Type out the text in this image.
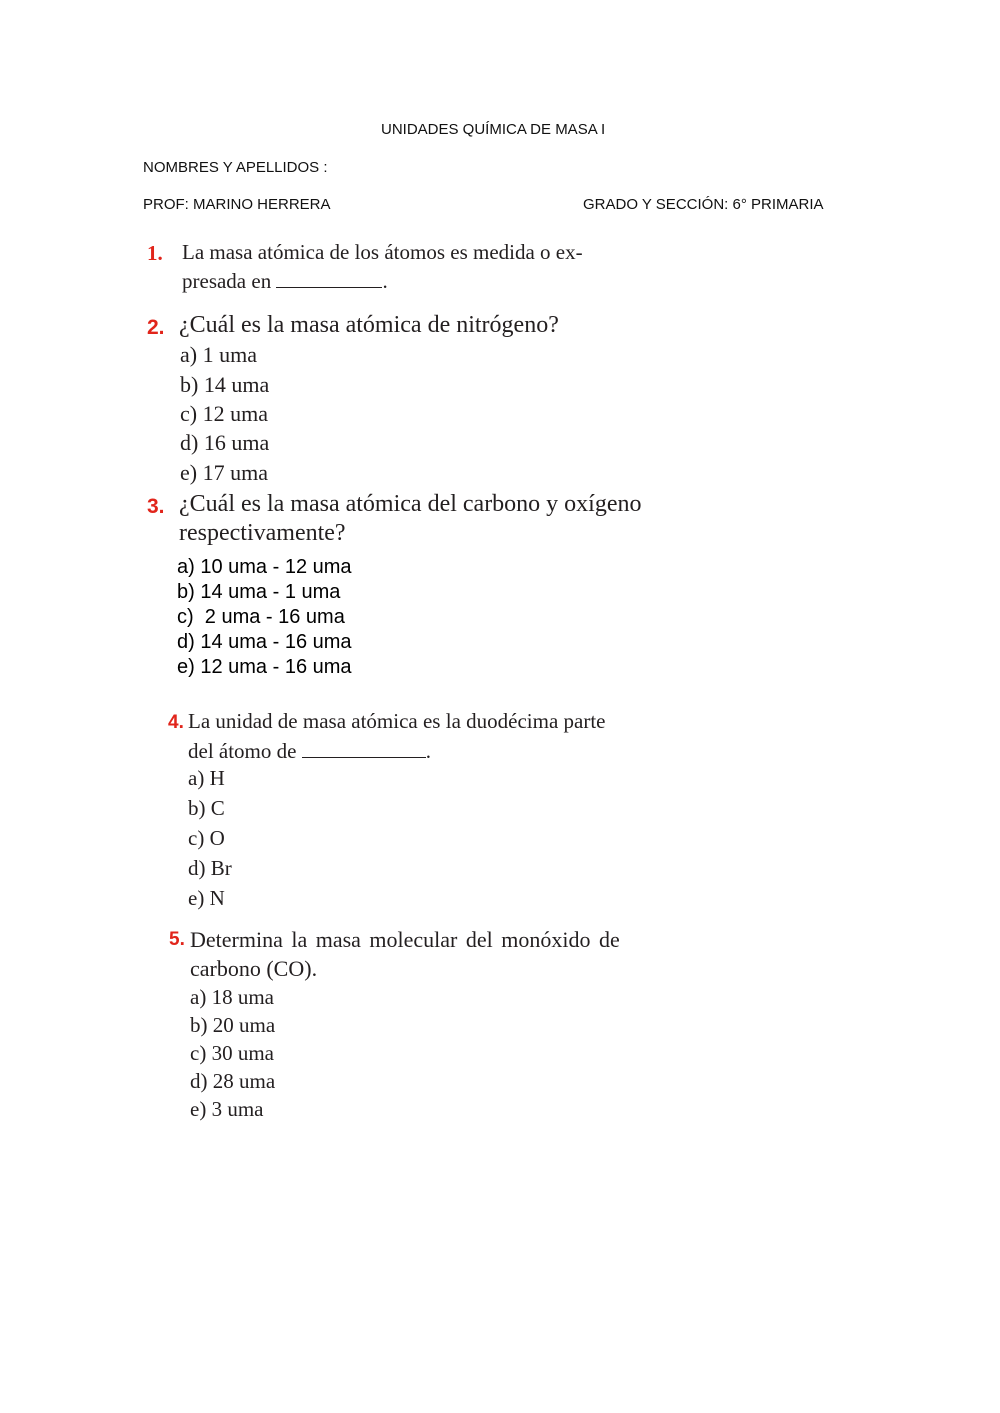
UNIDADES QUÍMICA DE MASA I
NOMBRES Y APELLIDOS :
PROF: MARINO HERRERA	GRADO Y SECCIÓN: 6° PRIMARIA
1. La masa atómica de los átomos es medida o ex-
presada en	.
2. ¿Cuál es la masa atómica de nitrógeno?
a) 1 uma
b) 14 uma
c) 12 uma
d) 16 uma
e) 17 uma
3. ¿Cuál es la masa atómica del carbono y oxígeno
respectivamente?
a) 10 uma - 12 uma
b) 14 uma - 1 uma
c)  2 uma - 16 uma
d) 14 uma - 16 uma
e) 12 uma - 16 uma
4. La unidad de masa atómica es la duodécima parte
del átomo de	.
a) H
b) C
c) O
d) Br
e) N
5. Determina la masa molecular del monóxido de
carbono (CO).
a) 18 uma
b) 20 uma
c) 30 uma
d) 28 uma
e) 3 uma
